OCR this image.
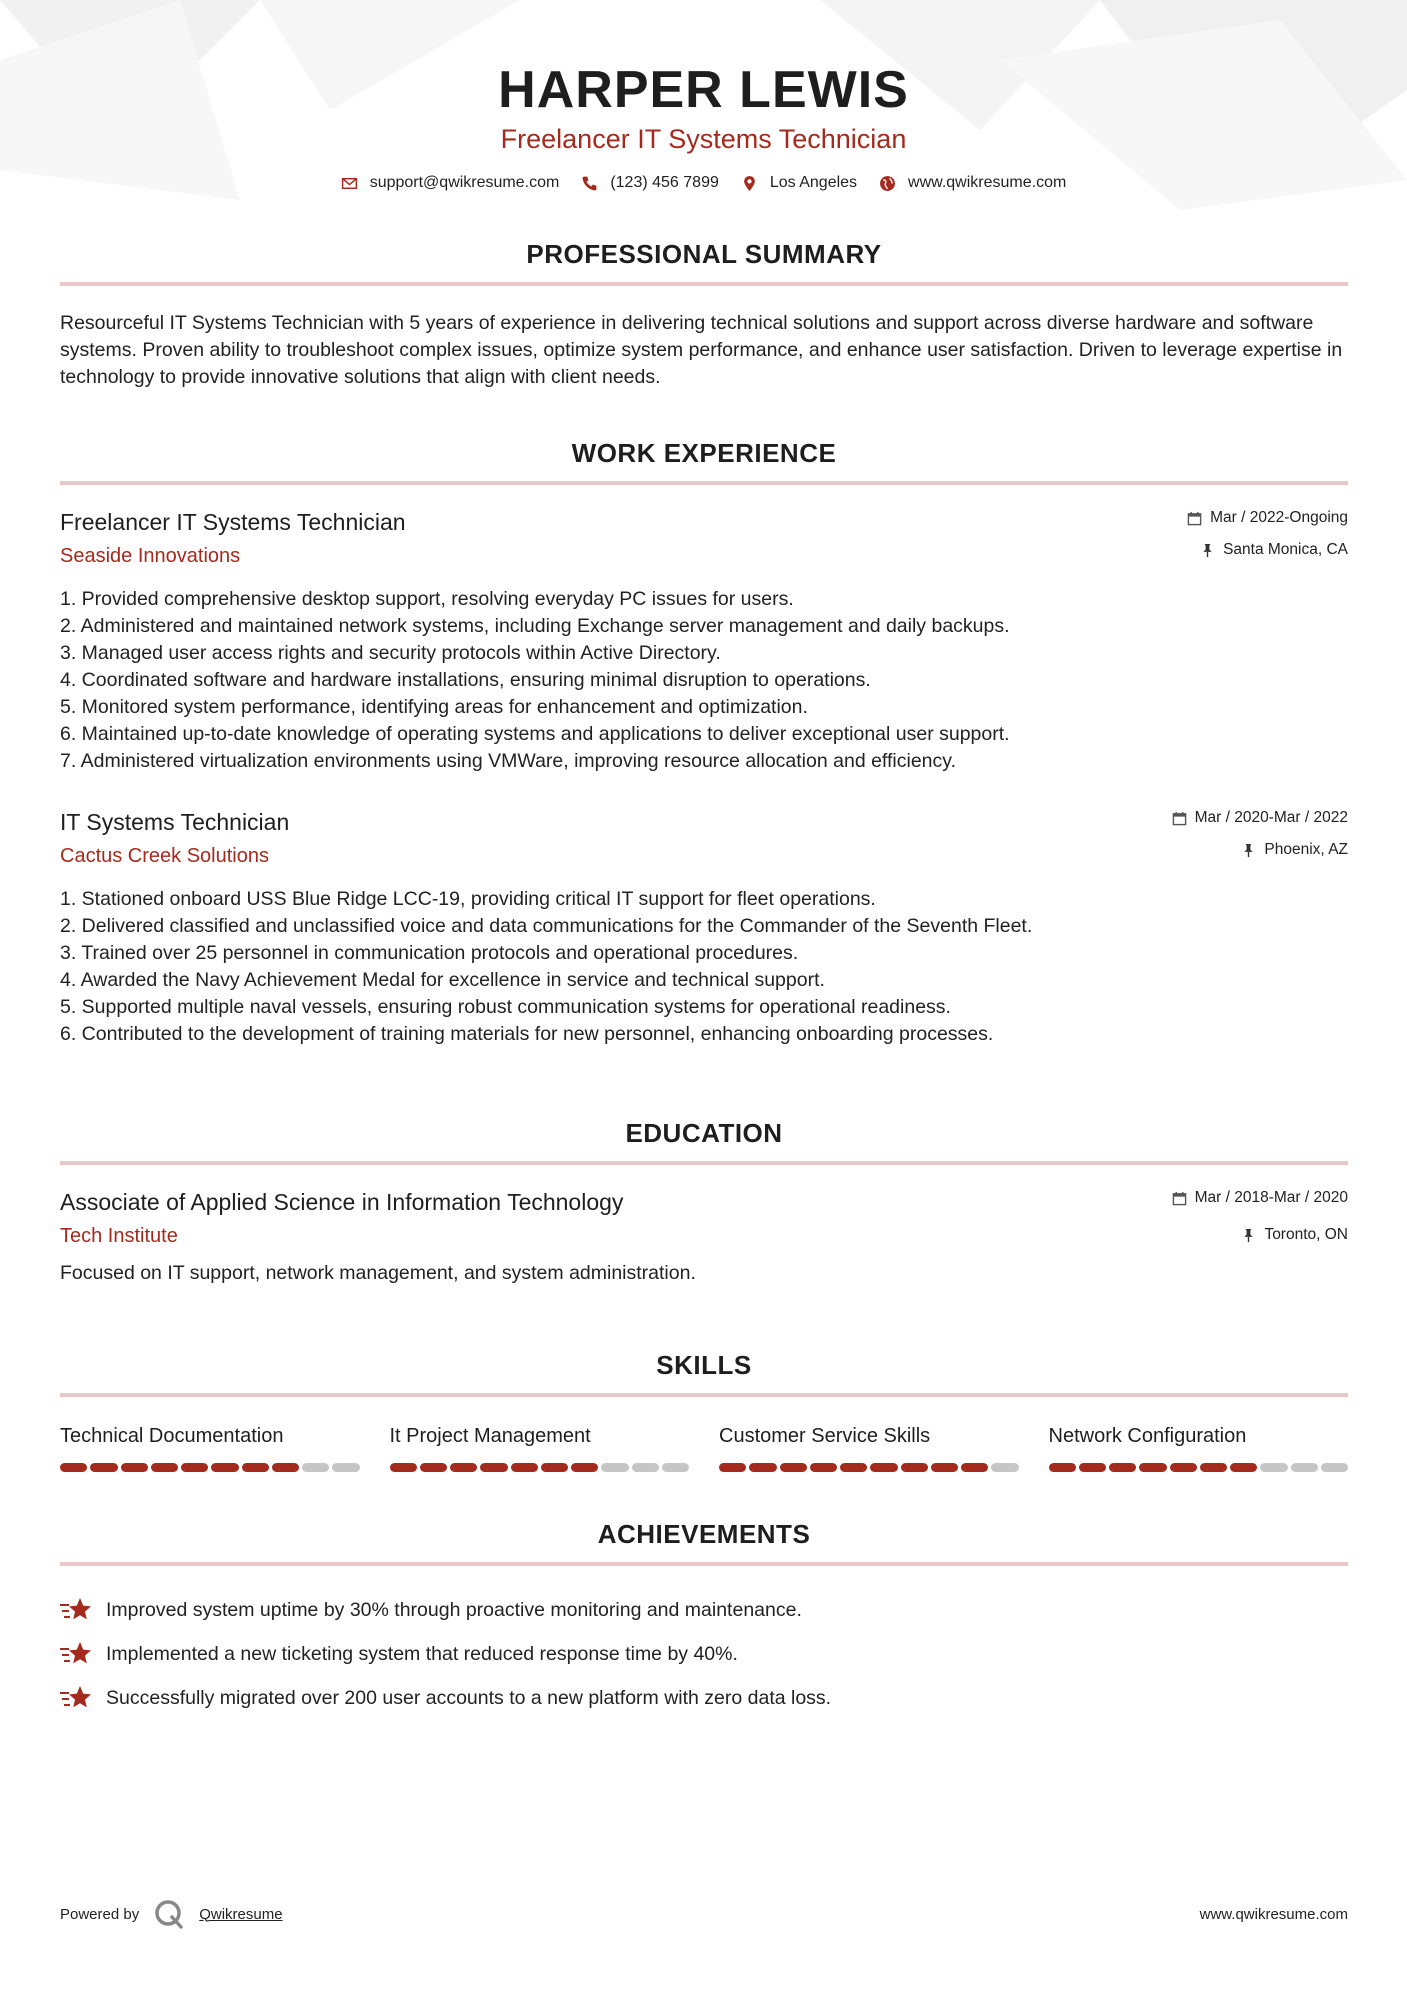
HARPER LEWIS
Freelancer IT Systems Technician
support@qwikresume.com	(123) 456 7899	Los Angeles	www.qwikresume.com
PROFESSIONAL SUMMARY

Resourceful IT Systems Technician with 5 years of experience in delivering technical solutions and support across diverse hardware and software systems. Proven ability to troubleshoot complex issues, optimize system performance, and enhance user satisfaction. Driven to leverage expertise in technology to provide innovative solutions that align with client needs.

WORK EXPERIENCE
Freelancer IT Systems Technician
Seaside Innovations
Mar / 2022-Ongoing
Santa Monica, CA
1. Provided comprehensive desktop support, resolving everyday PC issues for users.
2. Administered and maintained network systems, including Exchange server management and daily backups.
3. Managed user access rights and security protocols within Active Directory.
4. Coordinated software and hardware installations, ensuring minimal disruption to operations.
5. Monitored system performance, identifying areas for enhancement and optimization.
6. Maintained up-to-date knowledge of operating systems and applications to deliver exceptional user support.
7. Administered virtualization environments using VMWare, improving resource allocation and efficiency.
IT Systems Technician
Cactus Creek Solutions
Mar / 2020-Mar / 2022
Phoenix, AZ
1. Stationed onboard USS Blue Ridge LCC-19, providing critical IT support for fleet operations.
2. Delivered classified and unclassified voice and data communications for the Commander of the Seventh Fleet.
3. Trained over 25 personnel in communication protocols and operational procedures.
4. Awarded the Navy Achievement Medal for excellence in service and technical support.
5. Supported multiple naval vessels, ensuring robust communication systems for operational readiness.
6. Contributed to the development of training materials for new personnel, enhancing onboarding processes.
EDUCATION
Associate of Applied Science in Information Technology
Tech Institute
Mar / 2018-Mar / 2020
Toronto, ON

Focused on IT support, network management, and system administration.

SKILLS
Technical Documentation	It Project Management	Customer Service Skills	Network Configuration
ACHIEVEMENTS
Improved system uptime by 30% through proactive monitoring and maintenance.
Implemented a new ticketing system that reduced response time by 40%.
Successfully migrated over 200 user accounts to a new platform with zero data loss.
Powered by	Qwikresume	www.qwikresume.com
